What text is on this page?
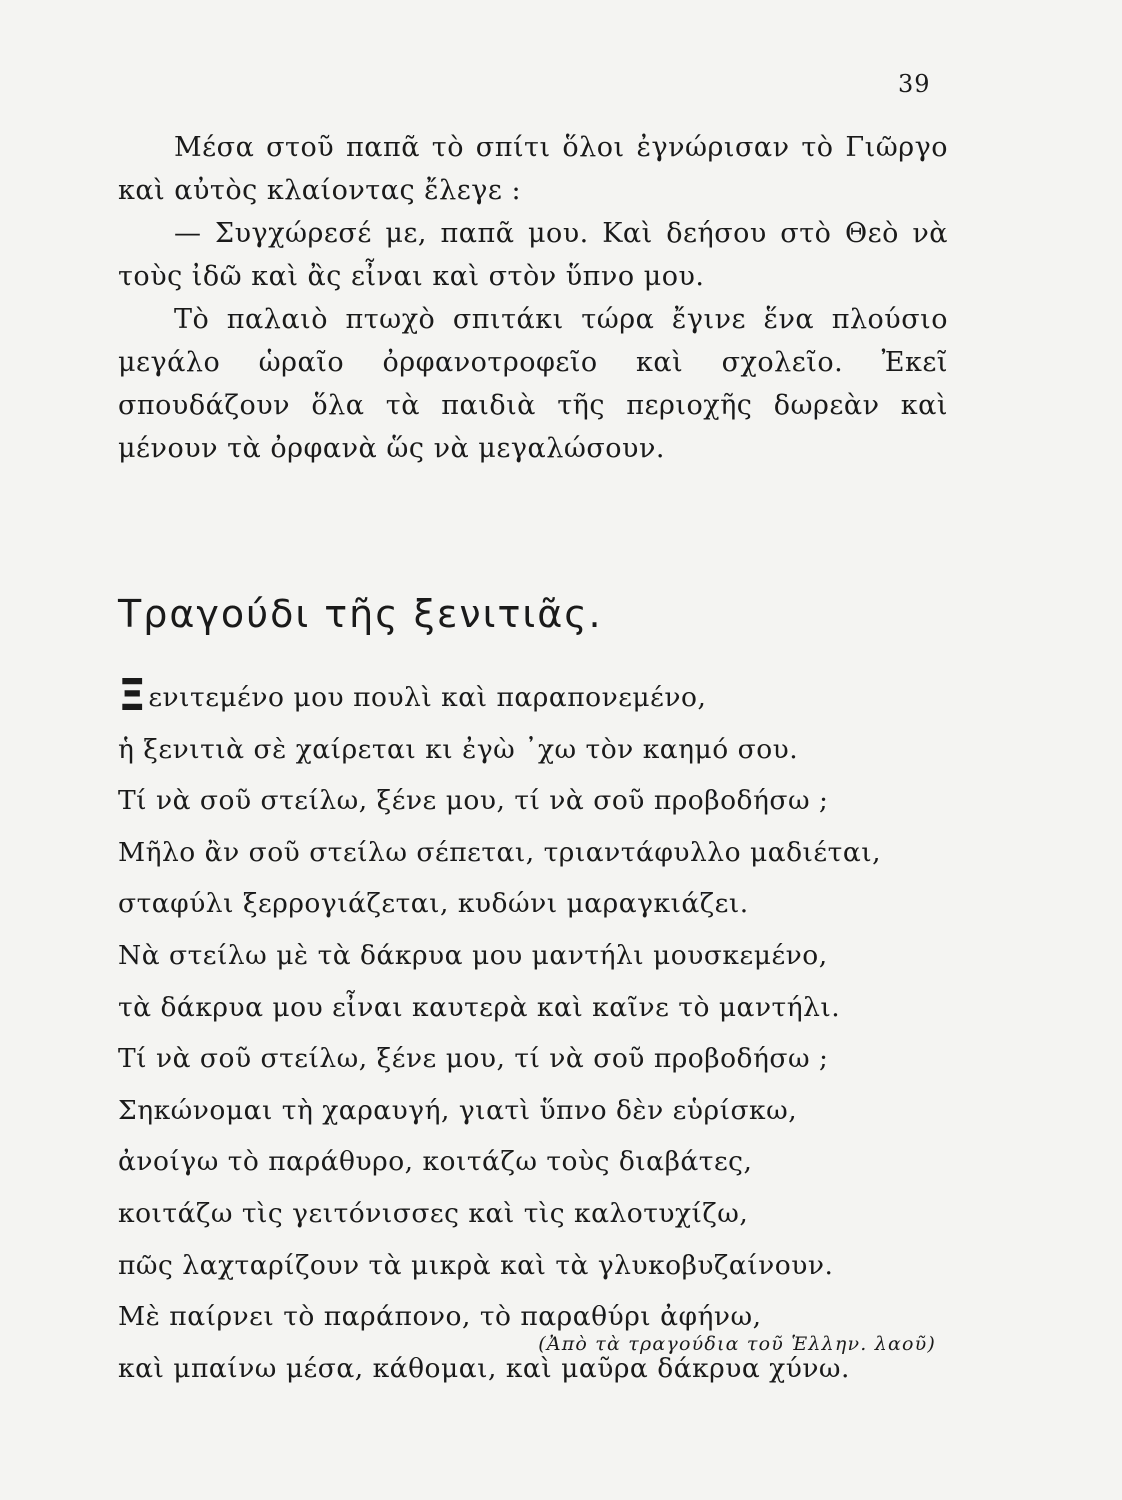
39

Μέσα στοῦ παπᾶ τὸ σπίτι ὅλοι ἐγνώρισαν τὸ Γιῶργο καὶ αὐτὸς κλαίοντας ἔλεγε :

— Συγχώρεσέ με, παπᾶ μου. Καὶ δεήσου στὸ Θεὸ νὰ τοὺς ἰδῶ καὶ ἂς εἶναι καὶ στὸν ὕπνο μου.

Τὸ παλαιὸ πτωχὸ σπιτάκι τώρα ἔγινε ἕνα πλούσιο μεγάλο ὡραῖο ὀρφανοτροφεῖο καὶ σχολεῖο. Ἐκεῖ σπουδάζουν ὅλα τὰ παιδιὰ τῆς περιοχῆς δωρεὰν καὶ μένουν τὰ ὀρφανὰ ὥς νὰ μεγαλώσουν.

Τραγούδι τῆς ξενιτιᾶς.
Ξενιτεμένο μου πουλὶ καὶ παραπονεμένο,
ἡ ξενιτιὰ σὲ χαίρεται κι ἐγὼ ᾿χω τὸν καημό σου.
Τί νὰ σοῦ στείλω, ξένε μου, τί νὰ σοῦ προβοδήσω ;
Μῆλο ἂν σοῦ στείλω σέπεται, τριαντάφυλλο μαδιέται,
σταφύλι ξερρογιάζεται, κυδώνι μαραγκιάζει.
Νὰ στείλω μὲ τὰ δάκρυα μου μαντήλι μουσκεμένο,
τὰ δάκρυα μου εἶναι καυτερὰ καὶ καῖνε τὸ μαντήλι.
Τί νὰ σοῦ στείλω, ξένε μου, τί νὰ σοῦ προβοδήσω ;
Σηκώνομαι τὴ χαραυγή, γιατὶ ὕπνο δὲν εὑρίσκω,
ἀνοίγω τὸ παράθυρο, κοιτάζω τοὺς διαβάτες,
κοιτάζω τὶς γειτόνισσες καὶ τὶς καλοτυχίζω,
πῶς λαχταρίζουν τὰ μικρὰ καὶ τὰ γλυκοβυζαίνουν.
Μὲ παίρνει τὸ παράπονο, τὸ παραθύρι ἀφήνω,
καὶ μπαίνω μέσα, κάθομαι, καὶ μαῦρα δάκρυα χύνω.
(Ἀπὸ τὰ τραγούδια τοῦ Ἑλλην. λαοῦ)
